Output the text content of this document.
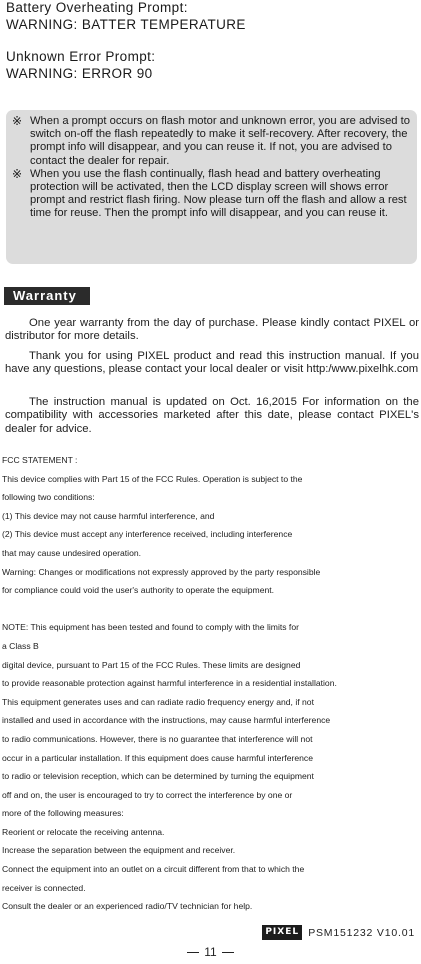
Battery Overheating Prompt:
WARNING: BATTER TEMPERATURE
Unknown Error Prompt:
WARNING: ERROR 90
※ When a prompt occurs on flash motor and unknown error, you are advised to switch on-off the flash repeatedly to make it self-recovery. After recovery, the prompt info will disappear, and you can reuse it. If not, you are advised to contact the dealer for repair.
※ When you use the flash continually, flash head and battery overheating protection will be activated, then the LCD display screen will shows error prompt and restrict flash firing. Now please turn off the flash and allow a rest time for reuse. Then the prompt info will disappear, and you can reuse it.
Warranty
One year warranty from the day of purchase. Please kindly contact PIXEL or distributor for more details.
Thank you for using PIXEL product and read this instruction manual. If you have any questions, please contact your local dealer or visit http:/www.pixelhk.com
The instruction manual is updated on Oct. 16,2015 For information on the compatibility with accessories marketed after this date, please contact PIXEL's dealer for advice.
FCC STATEMENT :
This device complies with Part 15 of the FCC Rules. Operation is subject to the
following two conditions:
(1) This device may not cause harmful interference, and
(2) This device must accept any interference received, including interference
that may cause undesired operation.
Warning: Changes or modifications not expressly approved by the party responsible
for compliance could void the user's authority to operate the equipment.
NOTE: This equipment has been tested and found to comply with the limits for
a Class B
digital device, pursuant to Part 15 of the FCC Rules. These limits are designed
to provide reasonable protection against harmful interference in a residential installation.
This equipment generates uses and can radiate radio frequency energy and, if not
installed and used in accordance with the instructions, may cause harmful interference
to radio communications. However, there is no guarantee that interference will not
occur in a particular installation. If this equipment does cause harmful interference
to radio or television reception, which can be determined by turning the equipment
off and on, the user is encouraged to try to correct the interference by one or
more of the following measures:
Reorient or relocate the receiving antenna.
Increase the separation between the equipment and receiver.
Connect the equipment into an outlet on a circuit different from that to which the
receiver is connected.
Consult the dealer or an experienced radio/TV technician for help.
PIXEL PSM151232 V10.01
11
